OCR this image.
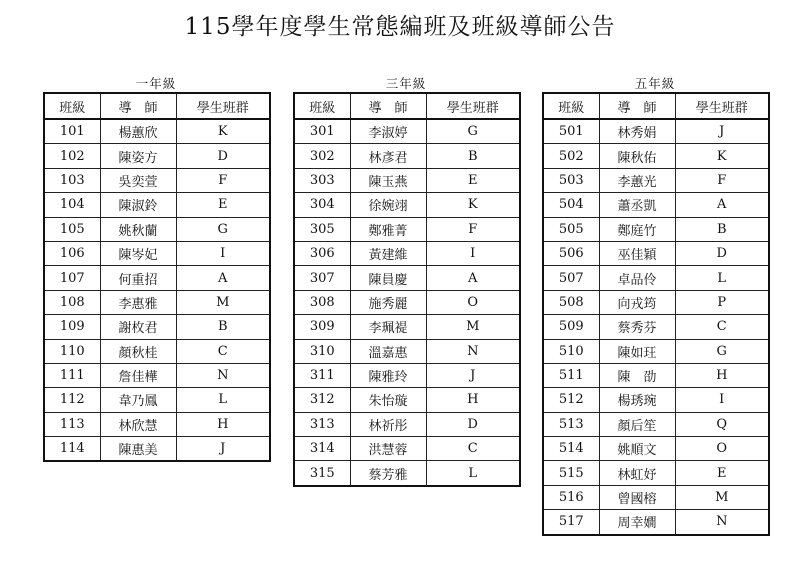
115學年度學生常態編班及班級導師公告
一年級
班級	導　師	學生班群
101	楊蕙欣	K
102	陳姿方	D
103	吳奕萱	F
104	陳淑鈴	E
105	姚秋蘭	G
106	陳岑妃	I
107	何重招	A
108	李惠雅	M
109	謝枚君	B
110	顏秋桂	C
111	詹佳樺	N
112	韋乃鳳	L
113	林欣慧	H
114	陳惠美	J
三年級
班級	導　師	學生班群
301	李淑婷	G
302	林彥君	B
303	陳玉燕	E
304	徐婉翊	K
305	鄭雅菁	F
306	黃建維	I
307	陳員慶	A
308	施秀麗	O
309	李珮褆	M
310	溫嘉惠	N
311	陳雅玲	J
312	朱怡璇	H
313	林祈彤	D
314	洪慧蓉	C
315	蔡芳雅	L
五年級
班級	導　師	學生班群
501	林秀娟	J
502	陳秋佑	K
503	李蕙光	F
504	蕭丞凱	A
505	鄭庭竹	B
506	巫佳穎	D
507	卓品伶	L
508	向戎筠	P
509	蔡秀芬	C
510	陳如玨	G
511	陳　劭	H
512	楊琇琬	I
513	顏后笙	Q
514	姚順文	O
515	林虹妤	E
516	曾國榕	M
517	周幸嫺	N
